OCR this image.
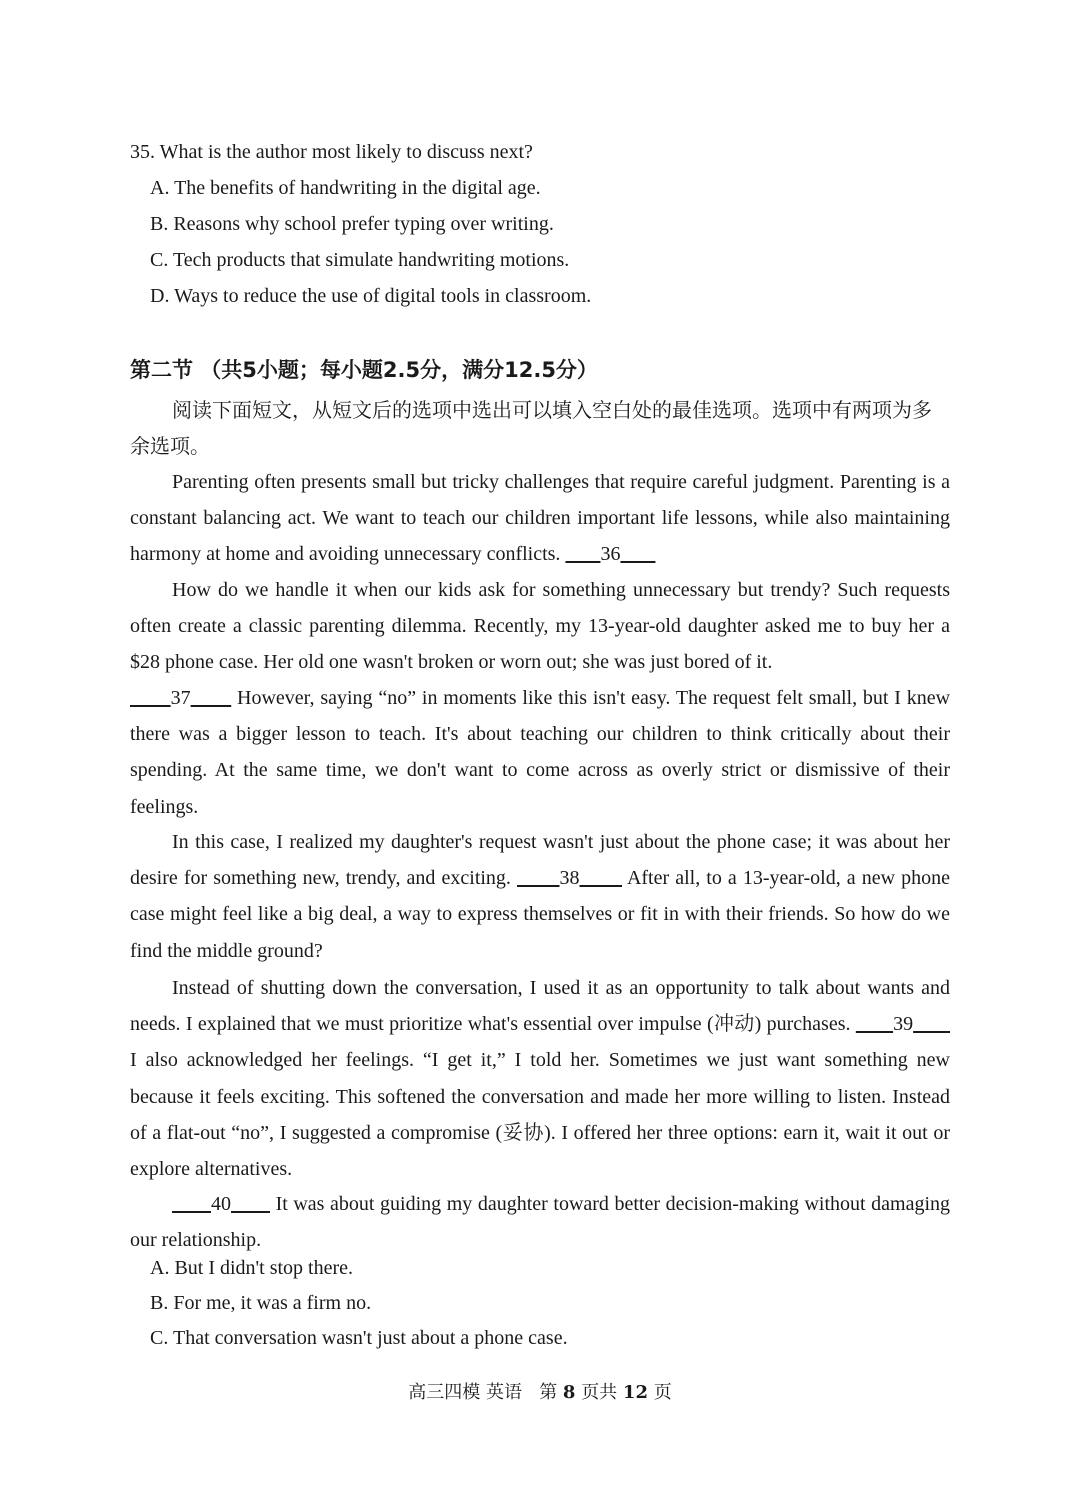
35. What is the author most likely to discuss next?
A. The benefits of handwriting in the digital age.
B. Reasons why school prefer typing over writing.
C. Tech products that simulate handwriting motions.
D. Ways to reduce the use of digital tools in classroom.
第二节 （共5小题；每小题2.5分，满分12.5分）
阅读下面短文，从短文后的选项中选出可以填入空白处的最佳选项。选项中有两项为多余选项。
Parenting often presents small but tricky challenges that require careful judgment. Parenting is a constant balancing act. We want to teach our children important life lessons, while also maintaining harmony at home and avoiding unnecessary conflicts. 36
How do we handle it when our kids ask for something unnecessary but trendy? Such requests often create a classic parenting dilemma. Recently, my 13-year-old daughter asked me to buy her a $28 phone case. Her old one wasn't broken or worn out; she was just bored of it.
37 However, saying “no” in moments like this isn't easy. The request felt small, but I knew there was a bigger lesson to teach. It's about teaching our children to think critically about their spending. At the same time, we don't want to come across as overly strict or dismissive of their feelings.
In this case, I realized my daughter's request wasn't just about the phone case; it was about her desire for something new, trendy, and exciting. 38 After all, to a 13-year-old, a new phone case might feel like a big deal, a way to express themselves or fit in with their friends. So how do we find the middle ground?
Instead of shutting down the conversation, I used it as an opportunity to talk about wants and needs. I explained that we must prioritize what's essential over impulse (冲动) purchases. 39        I also acknowledged her feelings. “I get it,” I told her. Sometimes we just want something new because it feels exciting. This softened the conversation and made her more willing to listen. Instead of a flat-out “no”, I suggested a compromise (妥协). I offered her three options: earn it, wait it out or explore alternatives.
40 It was about guiding my daughter toward better decision-making without damaging our relationship.
A. But I didn't stop there.
B. For me, it was a firm no.
C. That conversation wasn't just about a phone case.
高三四模 英语 第 8 页共 12 页
